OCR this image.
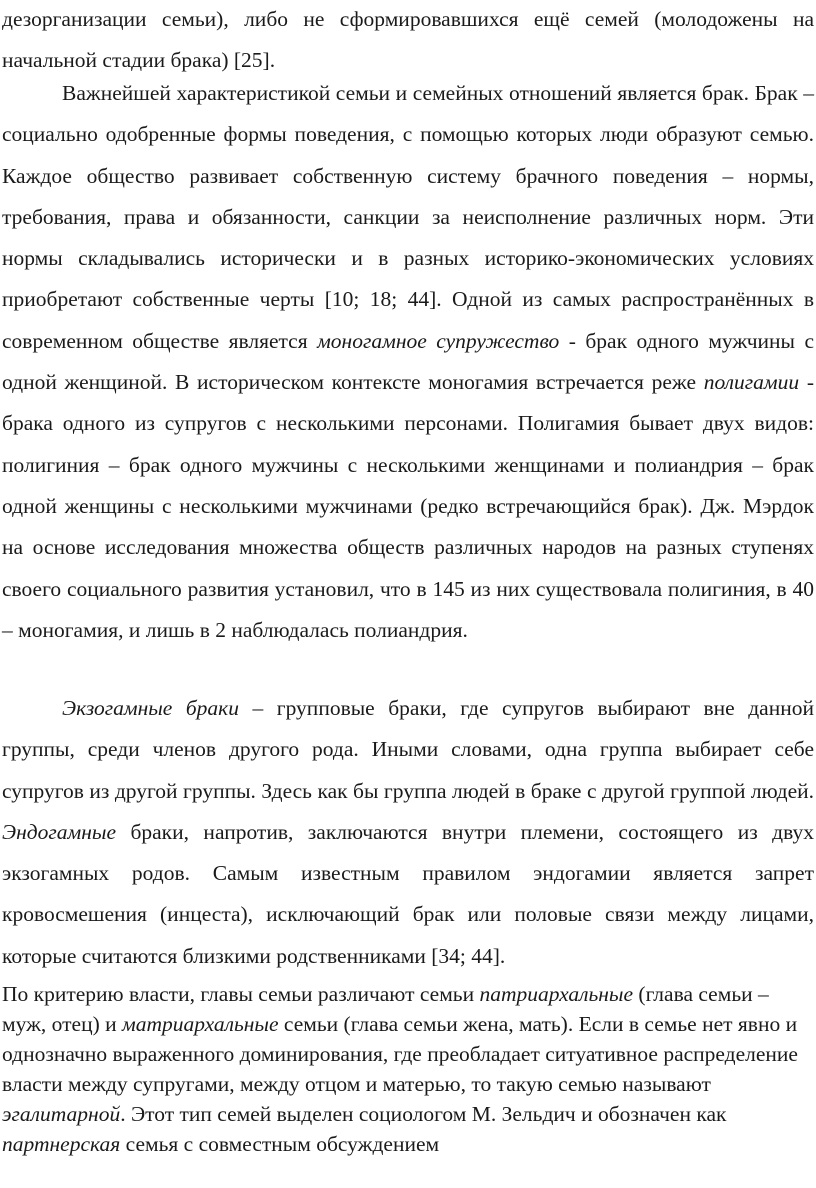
дезорганизации семьи), либо не сформировавшихся ещё семей (молодожены на начальной стадии брака) [25].

Важнейшей характеристикой семьи и семейных отношений является брак. Брак – социально одобренные формы поведения, с помощью которых люди образуют семью. Каждое общество развивает собственную систему брачного поведения – нормы, требования, права и обязанности, санкции за неисполнение различных норм. Эти нормы складывались исторически и в разных историко-экономических условиях приобретают собственные черты [10; 18; 44]. Одной из самых распространённых в современном обществе является моногамное супружество - брак одного мужчины с одной женщиной. В историческом контексте моногамия встречается реже полигамии - брака одного из супругов с несколькими персонами. Полигамия бывает двух видов: полигиния – брак одного мужчины с несколькими женщинами и полиандрия – брак одной женщины с несколькими мужчинами (редко встречающийся брак). Дж. Мэрдок на основе исследования множества обществ различных народов на разных ступенях своего социального развития установил, что в 145 из них существовала полигиния, в 40 – моногамия, и лишь в 2 наблюдалась полиандрия.

Экзогамные браки – групповые браки, где супругов выбирают вне данной группы, среди членов другого рода. Иными словами, одна группа выбирает себе супругов из другой группы. Здесь как бы группа людей в браке с другой группой людей. Эндогамные браки, напротив, заключаются внутри племени, состоящего из двух экзогамных родов. Самым известным правилом эндогамии является запрет кровосмешения (инцеста), исключающий брак или половые связи между лицами, которые считаются близкими родственниками [34; 44].

По критерию власти, главы семьи различают семьи патриархальные (глава семьи – муж, отец) и матриархальные семьи (глава семьи жена, мать). Если в семье нет явно и однозначно выраженного доминирования, где преобладает ситуативное распределение власти между супругами, между отцом и матерью, то такую семью называют эгалитарной. Этот тип семей выделен социологом М. Зельдич и обозначен как партнерская семья с совместным обсуждением
